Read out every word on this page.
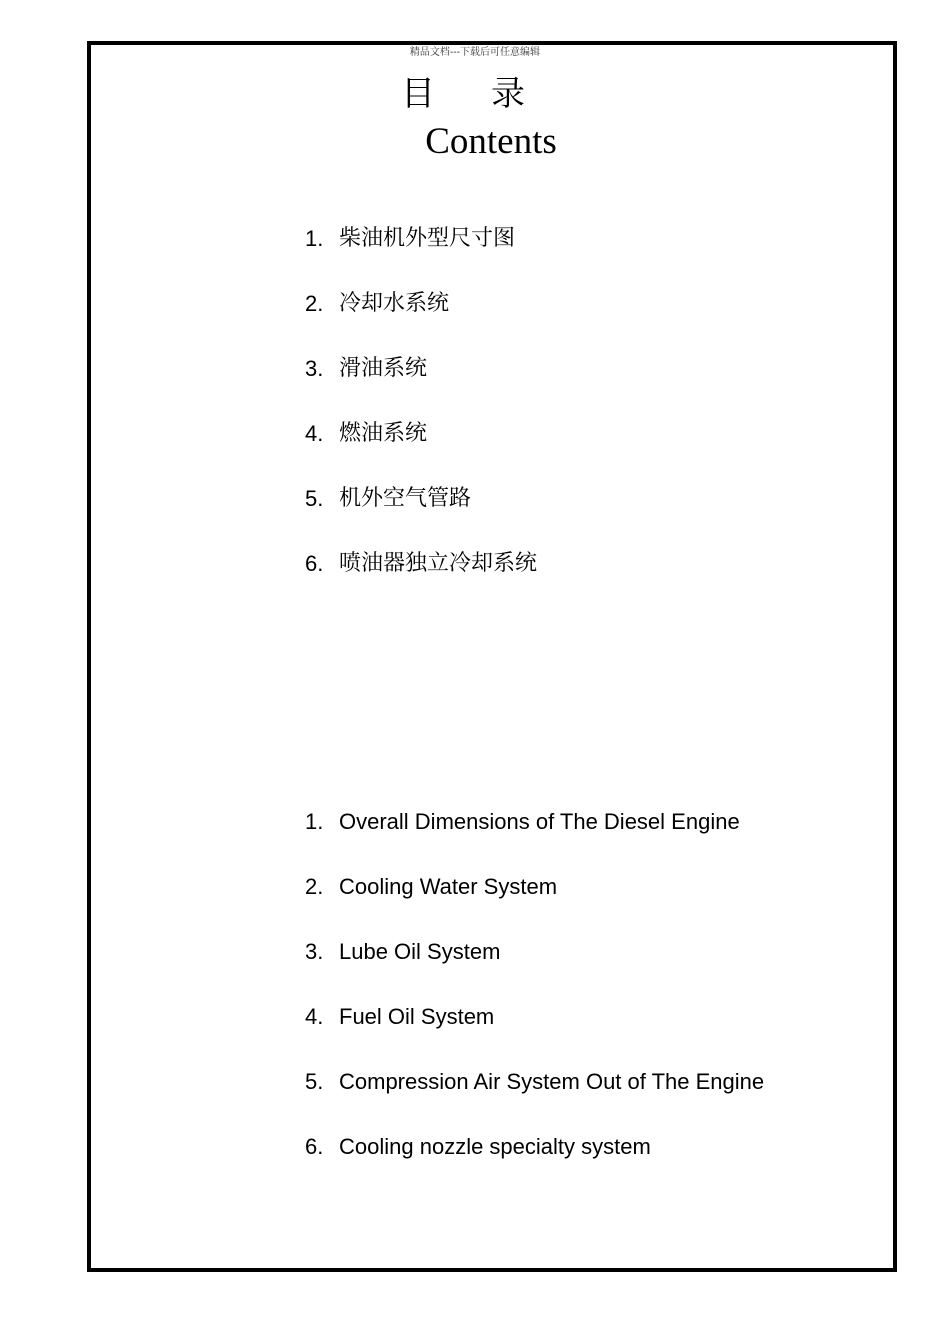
精品文档---下载后可任意编辑
目录
Contents
1. 柴油机外型尺寸图
2. 冷却水系统
3. 滑油系统
4. 燃油系统
5. 机外空气管路
6. 喷油器独立冷却系统
1. Overall Dimensions of The Diesel Engine
2. Cooling Water System
3. Lube Oil System
4. Fuel Oil System
5. Compression Air System Out of The Engine
6. Cooling nozzle specialty system
